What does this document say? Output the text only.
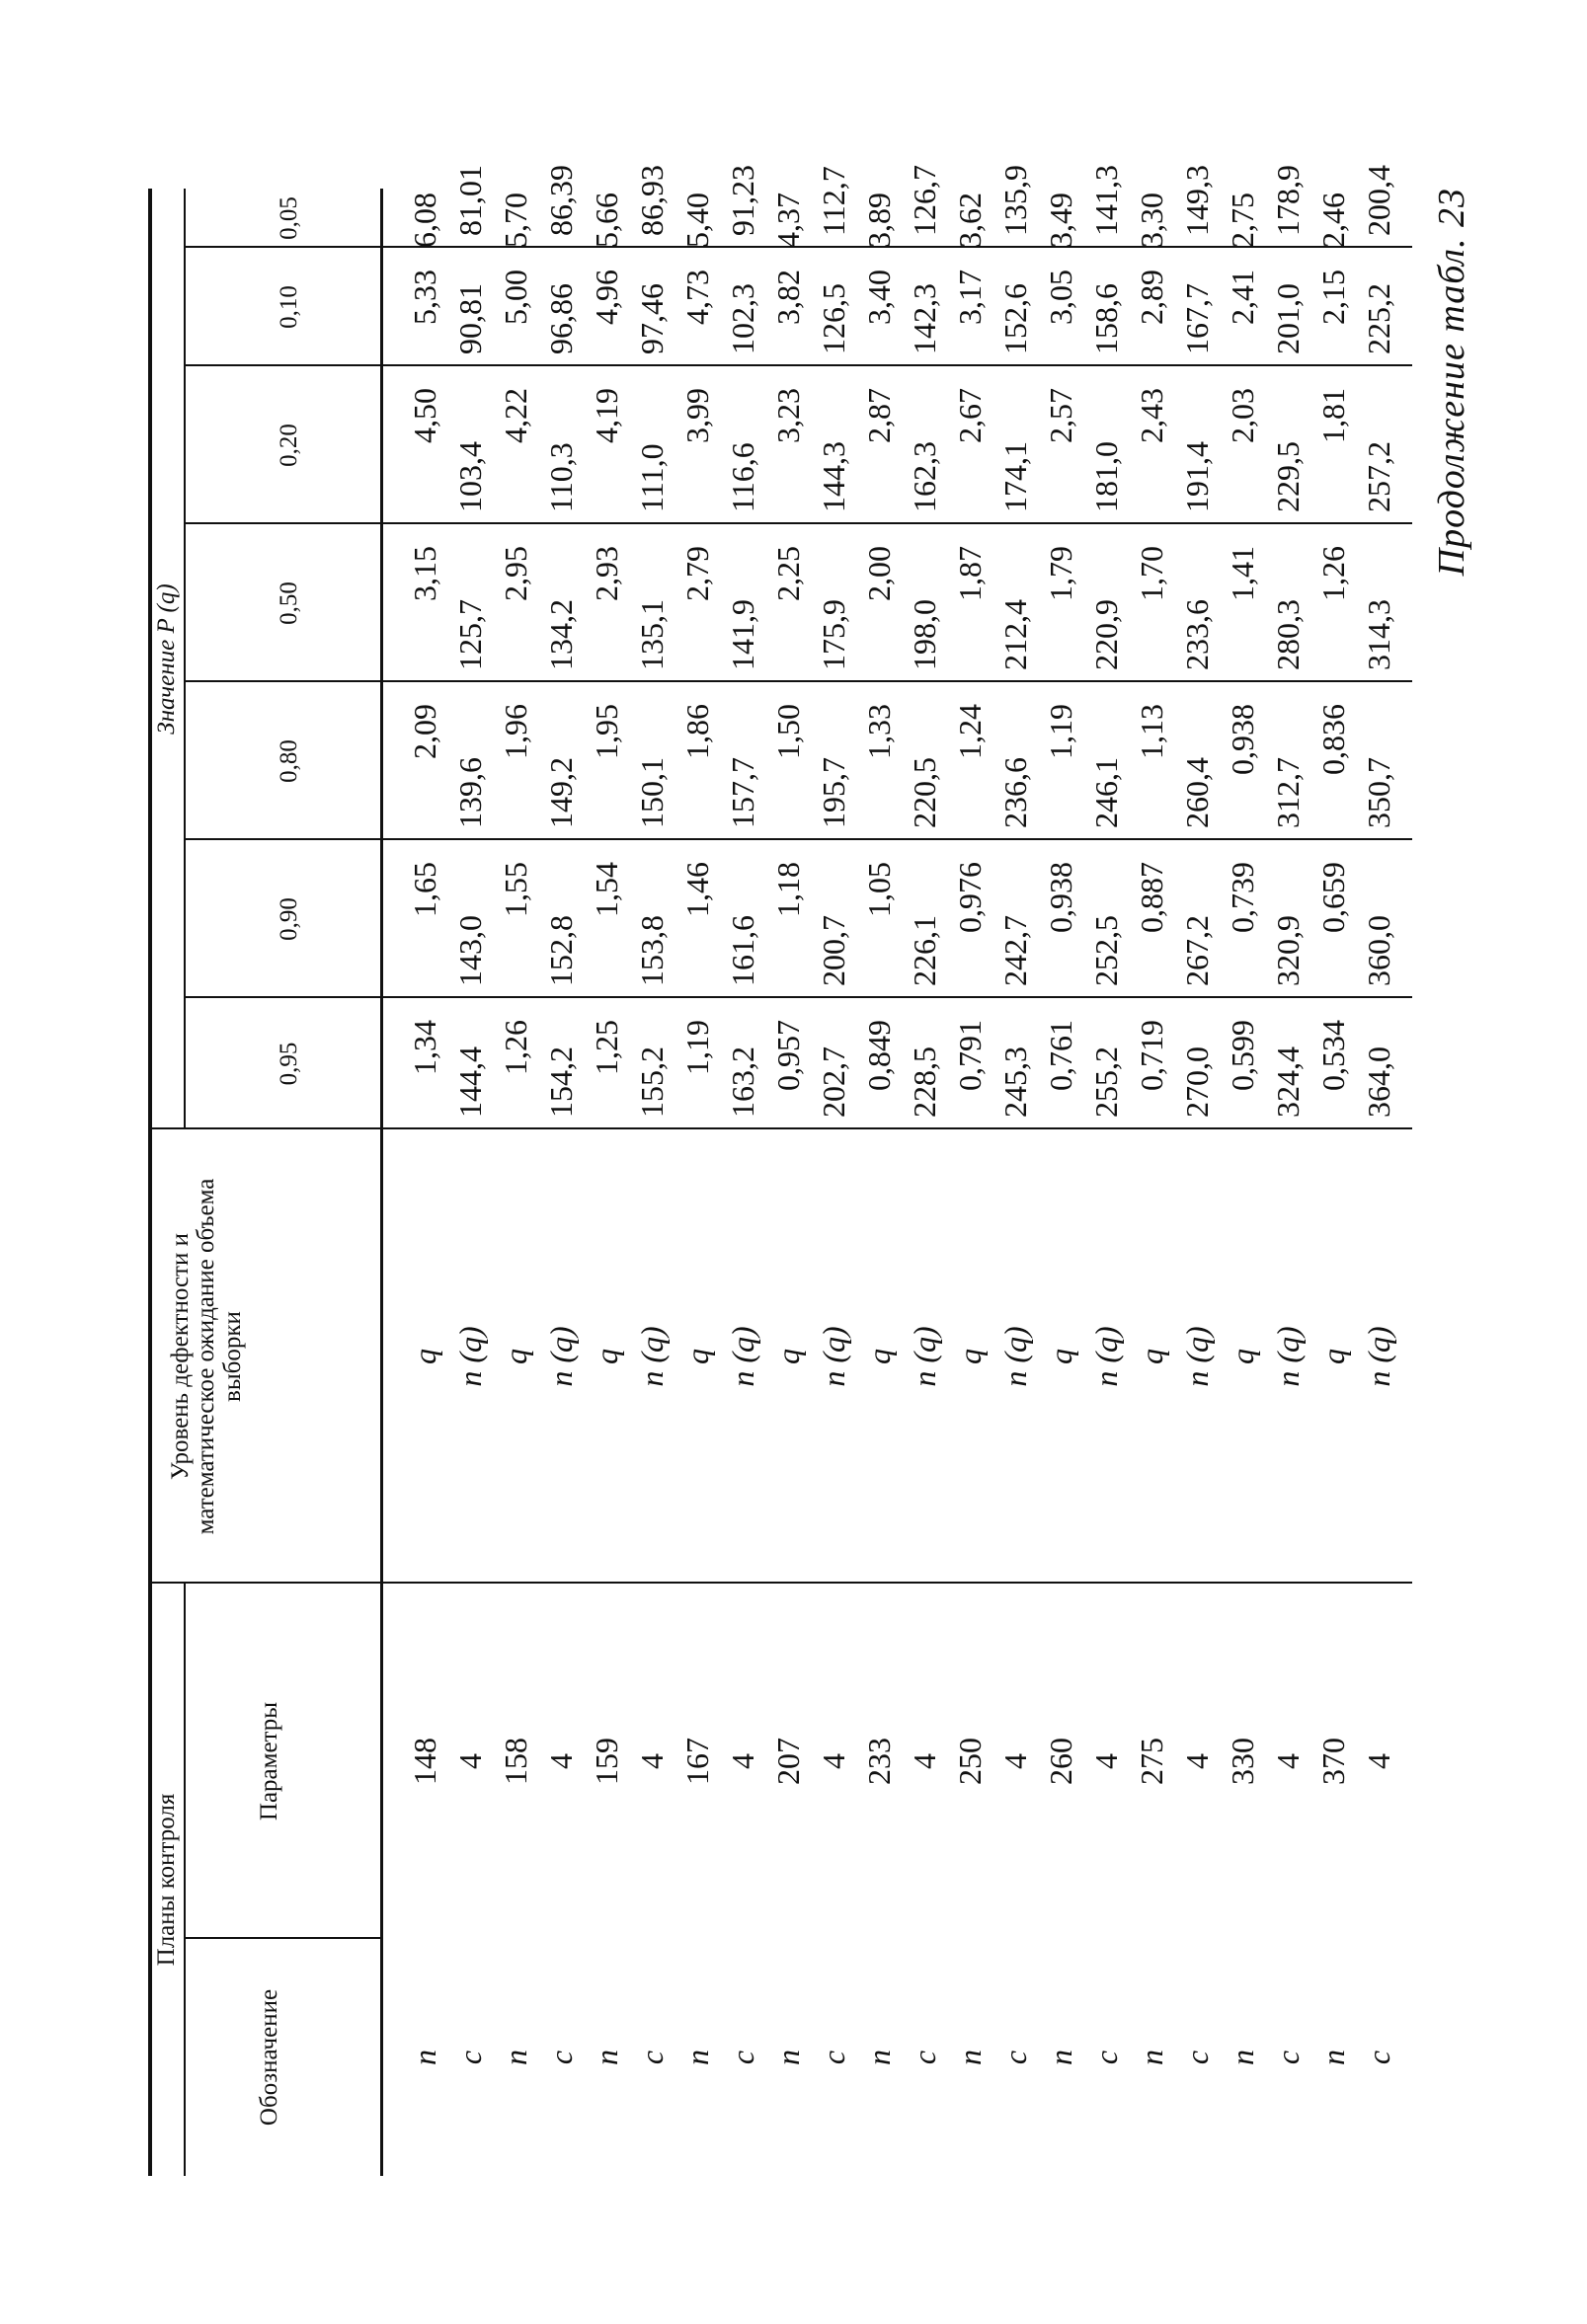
Продолжение табл. 23
Планы контроля
Обозначение
Параметры
Уровень дефектности и математическое ожидание объема выборки
Значение P (q)
n
148
q
1,34
1,65
2,09
3,15
4,50
5,33
6,08
c
4
n (q)
144,4
143,0
139,6
125,7
103,4
90,81
81,01
n
158
q
1,26
1,55
1,96
2,95
4,22
5,00
5,70
c
4
n (q)
154,2
152,8
149,2
134,2
110,3
96,86
86,39
n
159
q
1,25
1,54
1,95
2,93
4,19
4,96
5,66
c
4
n (q)
155,2
153,8
150,1
135,1
111,0
97,46
86,93
n
167
q
1,19
1,46
1,86
2,79
3,99
4,73
5,40
c
4
n (q)
163,2
161,6
157,7
141,9
116,6
102,3
91,23
n
207
q
0,957
1,18
1,50
2,25
3,23
3,82
4,37
c
4
n (q)
202,7
200,7
195,7
175,9
144,3
126,5
112,7
n
233
q
0,849
1,05
1,33
2,00
2,87
3,40
3,89
c
4
n (q)
228,5
226,1
220,5
198,0
162,3
142,3
126,7
n
250
q
0,791
0,976
1,24
1,87
2,67
3,17
3,62
c
4
n (q)
245,3
242,7
236,6
212,4
174,1
152,6
135,9
n
260
q
0,761
0,938
1,19
1,79
2,57
3,05
3,49
c
4
n (q)
255,2
252,5
246,1
220,9
181,0
158,6
141,3
n
275
q
0,719
0,887
1,13
1,70
2,43
2,89
3,30
c
4
n (q)
270,0
267,2
260,4
233,6
191,4
167,7
149,3
n
330
q
0,599
0,739
0,938
1,41
2,03
2,41
2,75
c
4
n (q)
324,4
320,9
312,7
280,3
229,5
201,0
178,9
n
370
q
0,534
0,659
0,836
1,26
1,81
2,15
2,46
c
4
n (q)
364,0
360,0
350,7
314,3
257,2
225,2
200,4
0,95
0,90
0,80
0,50
0,20
0,10
0,05
